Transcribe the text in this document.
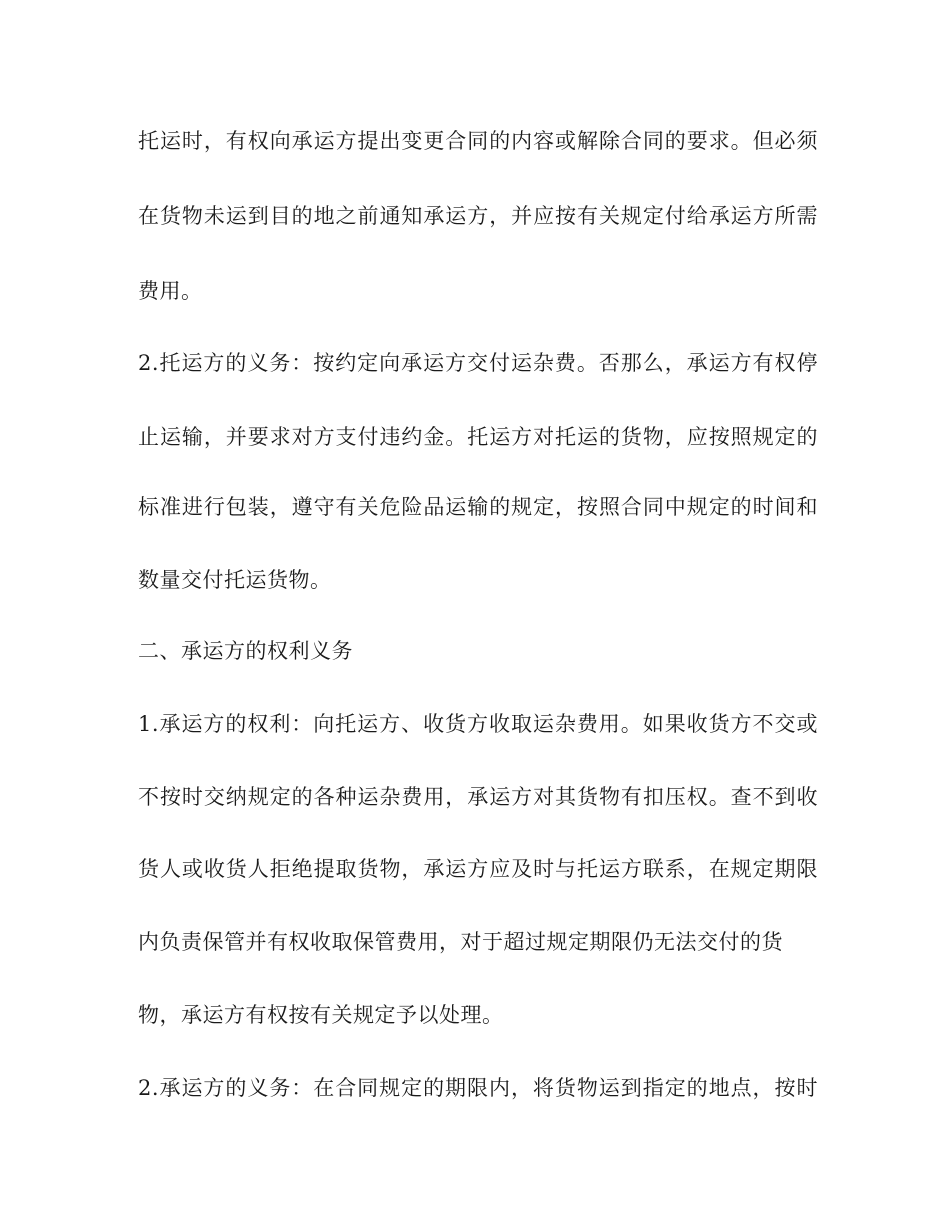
托运时，有权向承运方提出变更合同的内容或解除合同的要求。但必须
在货物未运到目的地之前通知承运方，并应按有关规定付给承运方所需
费用。
2.托运方的义务：按约定向承运方交付运杂费。否那么，承运方有权停
止运输，并要求对方支付违约金。托运方对托运的货物，应按照规定的
标准进行包装，遵守有关危险品运输的规定，按照合同中规定的时间和
数量交付托运货物。
二、承运方的权利义务
1.承运方的权利：向托运方、收货方收取运杂费用。如果收货方不交或
不按时交纳规定的各种运杂费用，承运方对其货物有扣压权。查不到收
货人或收货人拒绝提取货物，承运方应及时与托运方联系，在规定期限
内负责保管并有权收取保管费用，对于超过规定期限仍无法交付的货
物，承运方有权按有关规定予以处理。
2.承运方的义务：在合同规定的期限内，将货物运到指定的地点，按时
